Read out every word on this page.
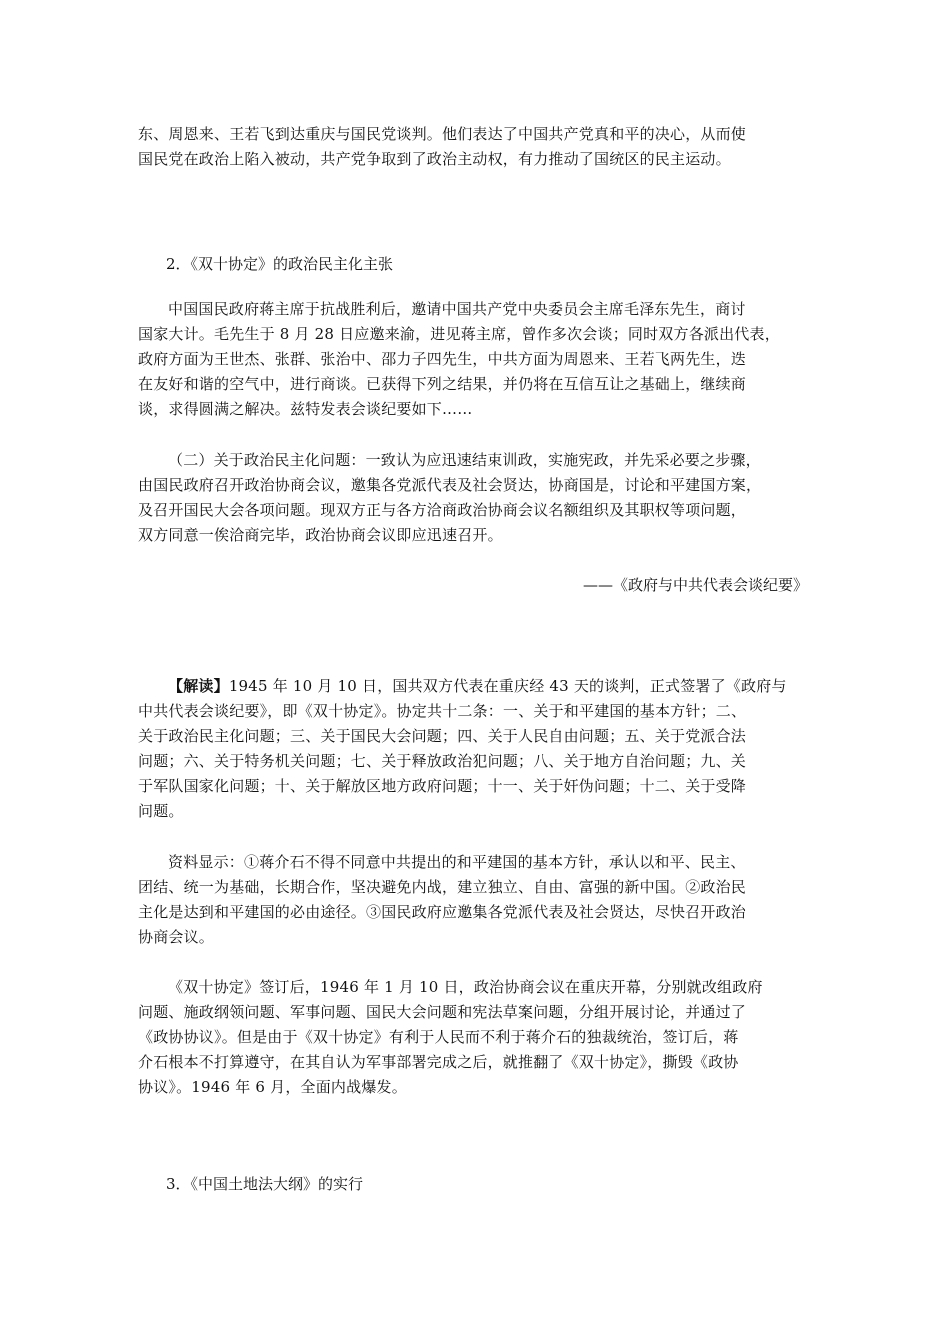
东、周恩来、王若飞到达重庆与国民党谈判。他们表达了中国共产党真和平的决心，从而使
国民党在政治上陷入被动，共产党争取到了政治主动权，有力推动了国统区的民主运动。
2．《双十协定》的政治民主化主张
中国国民政府蒋主席于抗战胜利后，邀请中国共产党中央委员会主席毛泽东先生，商讨
国家大计。毛先生于 8 月 28 日应邀来渝，进见蒋主席，曾作多次会谈；同时双方各派出代表，
政府方面为王世杰、张群、张治中、邵力子四先生，中共方面为周恩来、王若飞两先生，迭
在友好和谐的空气中，进行商谈。已获得下列之结果，并仍将在互信互让之基础上，继续商
谈，求得圆满之解决。兹特发表会谈纪要如下……
（二）关于政治民主化问题：一致认为应迅速结束训政，实施宪政，并先采必要之步骤，
由国民政府召开政治协商会议，邀集各党派代表及社会贤达，协商国是，讨论和平建国方案，
及召开国民大会各项问题。现双方正与各方洽商政治协商会议名额组织及其职权等项问题，
双方同意一俟洽商完毕，政治协商会议即应迅速召开。
——《政府与中共代表会谈纪要》
【解读】1945 年 10 月 10 日，国共双方代表在重庆经 43 天的谈判，正式签署了《政府与
中共代表会谈纪要》，即《双十协定》。协定共十二条：一、关于和平建国的基本方针；二、
关于政治民主化问题；三、关于国民大会问题；四、关于人民自由问题；五、关于党派合法
问题；六、关于特务机关问题；七、关于释放政治犯问题；八、关于地方自治问题；九、关
于军队国家化问题；十、关于解放区地方政府问题；十一、关于奸伪问题；十二、关于受降
问题。
资料显示：①蒋介石不得不同意中共提出的和平建国的基本方针，承认以和平、民主、
团结、统一为基础，长期合作，坚决避免内战，建立独立、自由、富强的新中国。②政治民
主化是达到和平建国的必由途径。③国民政府应邀集各党派代表及社会贤达，尽快召开政治
协商会议。
《双十协定》签订后，1946 年 1 月 10 日，政治协商会议在重庆开幕，分别就改组政府
问题、施政纲领问题、军事问题、国民大会问题和宪法草案问题，分组开展讨论，并通过了
《政协协议》。但是由于《双十协定》有利于人民而不利于蒋介石的独裁统治，签订后，蒋
介石根本不打算遵守，在其自认为军事部署完成之后，就推翻了《双十协定》，撕毁《政协
协议》。1946 年 6 月，全面内战爆发。
3．《中国土地法大纲》的实行
